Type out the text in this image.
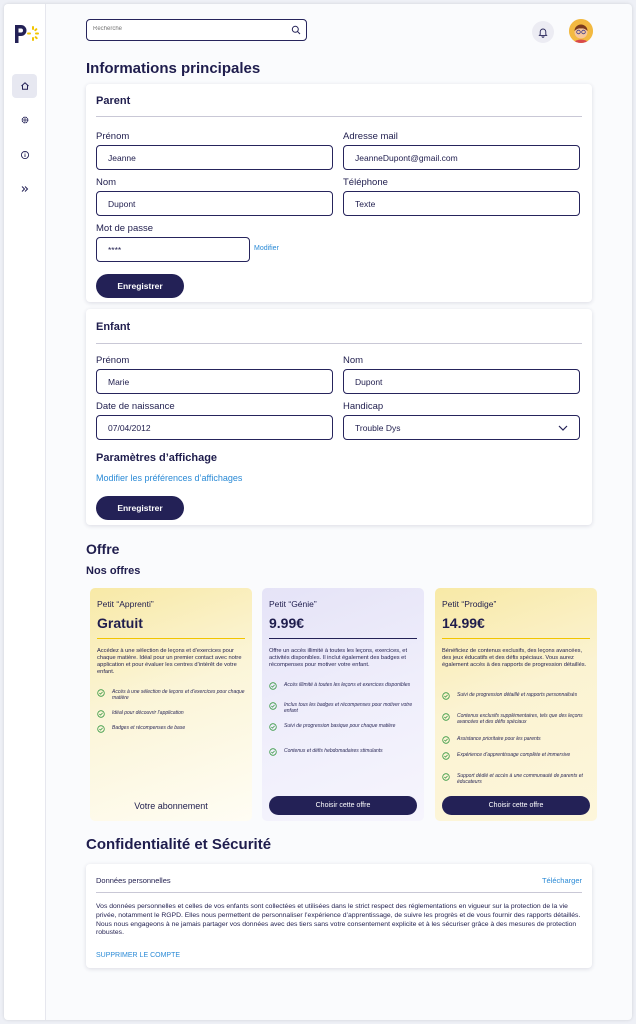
Recherche
Informations principales
Parent
Prénom
Jeanne
Adresse mail
JeanneDupont@gmail.com
Nom
Dupont
Téléphone
Texte
Mot de passe
****	Modifier
Enregistrer
Enfant
Prénom
Marie
Nom
Dupont
Date de naissance
07/04/2012
Handicap
Trouble Dys
Paramètres d’affichage
Modifier les préférences d’affichages
Enregistrer
Offre
Nos offres
Petit “Apprenti”
Gratuit
Accédez à une sélection de leçons et d’exercices pour chaque matière. Idéal pour un premier contact avec notre application et pour évaluer les centres d’intérêt de votre enfant.
Accès à une sélection de leçons et d’exercices pour chaque matière
Idéal pour découvrir l’application
Badges et récompenses de base
Votre abonnement
Petit “Génie”
9.99€
Offre un accès illimité à toutes les leçons, exercices, et activités disponibles. Il inclut également des badges et récompenses pour motiver votre enfant.
Accès illimité à toutes les leçons et exercices disponibles
Inclus tous les badges et récompenses pour motiver votre enfant
Suivi de progression basique pour chaque matière
Contenus et défis hebdomadaires stimulants
Choisir cette offre
Petit “Prodige”
14.99€
Bénéficiez de contenus exclusifs, des leçons avancées, des jeux éducatifs et des défis spéciaux. Vous aurez également accès à des rapports de progression détaillés.
Suivi de progression détaillé et rapports personnalisés
Contenus exclusifs supplémentaires, tels que des leçons avancées et des défis spéciaux
Assistance prioritaire pour les parents
Expérience d’apprentissage complète et immersive
Support dédié et accès à une communauté de parents et éducateurs
Choisir cette offre
Confidentialité et Sécurité
Données personnelles	Télécharger
Vos données personnelles et celles de vos enfants sont collectées et utilisées dans le strict respect des réglementations en vigueur sur la protection de la vie privée, notamment le RGPD. Elles nous permettent de personnaliser l’expérience d’apprentissage, de suivre les progrès et de vous fournir des rapports détaillés. Nous nous engageons à ne jamais partager vos données avec des tiers sans votre consentement explicite et à les sécuriser grâce à des mesures de protection robustes.
SUPPRIMER LE COMPTE
